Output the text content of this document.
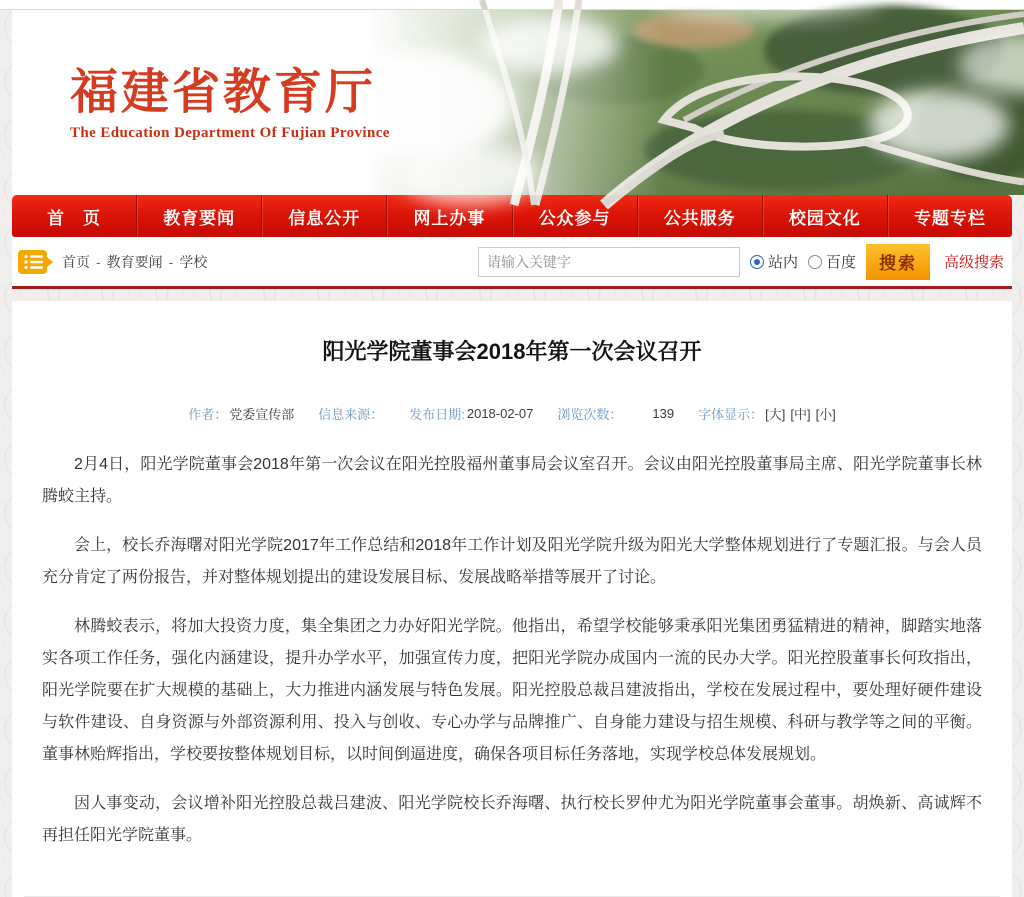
福建省教育厅
The Education Department Of Fujian Province
首　页	教育要闻	信息公开	网上办事	公众参与	公共服务	校园文化	专题专栏
首页 - 教育要闻 - 学校
请输入关键字	站内 百度	搜索	高级搜索
阳光学院董事会2018年第一次会议召开
作者： 党委宣传部 信息来源： 发布日期: 2018-02-07 浏览次数： 139 字体显示： [大] [中] [小]

2月4日，阳光学院董事会2018年第一次会议在阳光控股福州董事局会议室召开。会议由阳光控股董事局主席、阳光学院董事长林腾蛟主持。

会上，校长乔海曙对阳光学院2017年工作总结和2018年工作计划及阳光学院升级为阳光大学整体规划进行了专题汇报。与会人员充分肯定了两份报告，并对整体规划提出的建设发展目标、发展战略举措等展开了讨论。

林腾蛟表示，将加大投资力度，集全集团之力办好阳光学院。他指出，希望学校能够秉承阳光集团勇猛精进的精神，脚踏实地落实各项工作任务，强化内涵建设，提升办学水平，加强宣传力度，把阳光学院办成国内一流的民办大学。阳光控股董事长何玫指出，阳光学院要在扩大规模的基础上，大力推进内涵发展与特色发展。阳光控股总裁吕建波指出，学校在发展过程中，要处理好硬件建设与软件建设、自身资源与外部资源利用、投入与创收、专心办学与品牌推广、自身能力建设与招生规模、科研与教学等之间的平衡。董事林贻辉指出，学校要按整体规划目标，以时间倒逼进度，确保各项目标任务落地，实现学校总体发展规划。

因人事变动，会议增补阳光控股总裁吕建波、阳光学院校长乔海曙、执行校长罗仲尤为阳光学院董事会董事。胡焕新、高诚辉不再担任阳光学院董事。
